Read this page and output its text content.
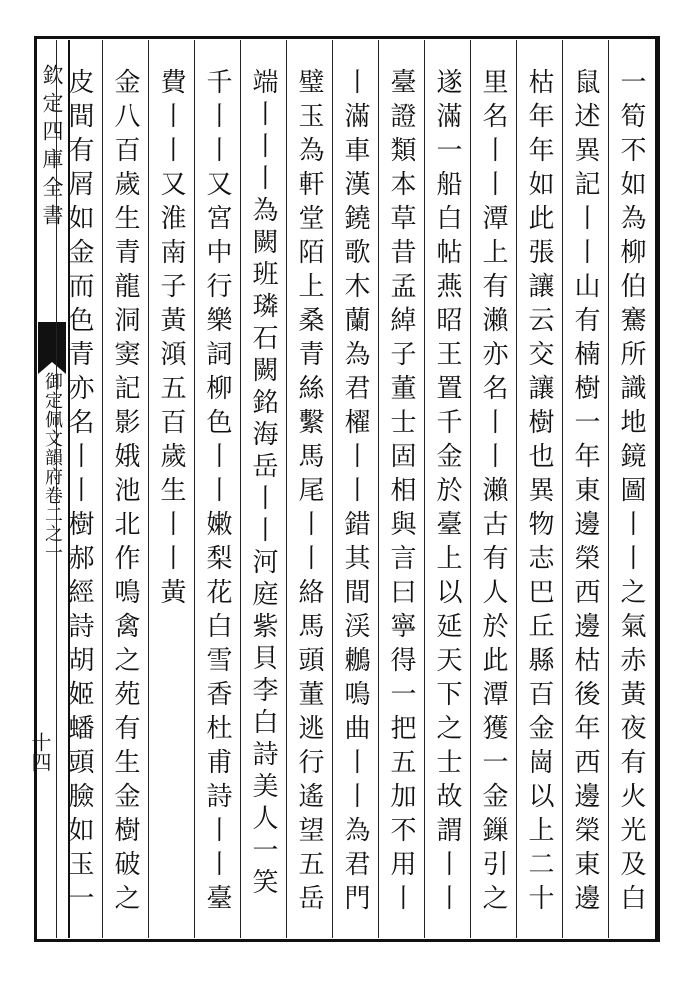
欽定四庫全書
御定佩文韻府卷二之一	一筍不如為柳伯騫所識地鏡圖丨丨之氣赤黃夜有火光及白
鼠述異記丨丨山有楠樹一年東邊榮西邊枯後年西邊榮東邊
枯年年如此張讓云交讓樹也異物志巴丘縣百金崗以上二十
里名丨丨潭上有瀨亦名丨丨瀨古有人於此潭獲一金鏁引之
遂滿一船白帖燕昭王置千金於臺上以延天下之士故謂丨丨
臺證類本草昔孟綽子董士固相與言曰寧得一把五加不用丨
丨滿車漢鐃歌木蘭為君櫂丨丨錯其間渓鶒鳴曲丨丨為君門
璧玉為軒堂陌上桑青絲繫馬尾丨丨絡馬頭董逃行遙望五岳
端丨丨丨為闕班璘石闕銘海岳丨丨河庭紫貝李白詩美人一笑
千丨丨又宮中行樂詞柳色丨丨嫩梨花白雪香杜甫詩丨丨臺
費丨丨又淮南子黃澒五百歲生丨丨黃
金八百歲生青龍洞窦記影娥池北作鳴禽之苑有生金樹破之
皮間有屑如金而色青亦名丨丨樹郝經詩胡姬蟠頭臉如玉一
十四
